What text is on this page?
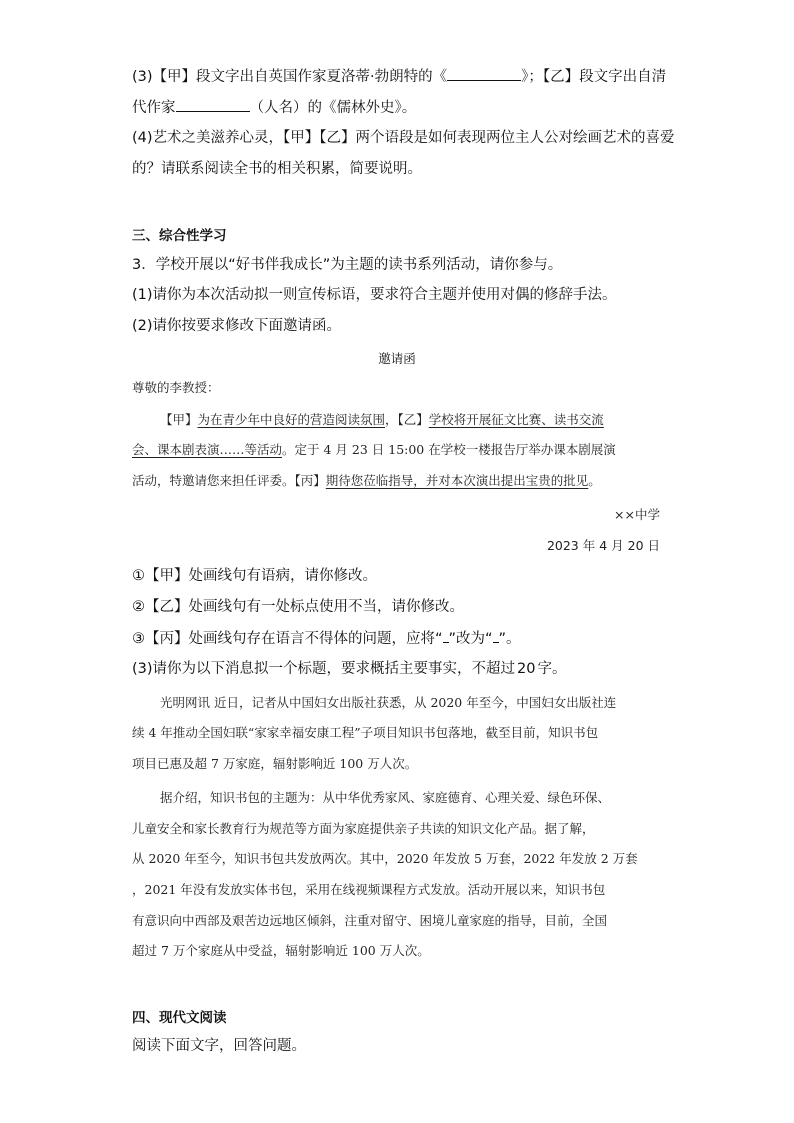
(3)【甲】段文字出自英国作家夏洛蒂·勃朗特的《	》；【乙】段文字出自清
代作家	（人名）的《儒林外史》。
(4)艺术之美滋养心灵，【甲】【乙】两个语段是如何表现两位主人公对绘画艺术的喜爱
的？请联系阅读全书的相关积累，简要说明。
三、综合性学习
3．学校开展以“好书伴我成长”为主题的读书系列活动，请你参与。
(1)请你为本次活动拟一则宣传标语，要求符合主题并使用对偶的修辞手法。
(2)请你按要求修改下面邀请函。
邀请函
尊敬的李教授：
【甲】为在青少年中良好的营造阅读氛围，【乙】学校将开展征文比赛、读书交流
会、课本剧表演……等活动。定于 4 月 23 日 15:00 在学校一楼报告厅举办课本剧展演
活动，特邀请您来担任评委。【丙】期待您莅临指导，并对本次演出提出宝贵的批见。
××中学
2023 年 4 月 20 日
①【甲】处画线句有语病，请你修改。
②【乙】处画线句有一处标点使用不当，请你修改。
③【丙】处画线句存在语言不得体的问题，应将“ ”改为“ ”。
(3)请你为以下消息拟一个标题，要求概括主要事实，不超过 20 字。
光明网讯 近日，记者从中国妇女出版社获悉，从 2020 年至今，中国妇女出版社连
续 4 年推动全国妇联“家家幸福安康工程”子项目知识书包落地，截至目前，知识书包
项目已惠及超 7 万家庭，辐射影响近 100 万人次。
据介绍，知识书包的主题为：从中华优秀家风、家庭德育、心理关爱、绿色环保、
儿童安全和家长教育行为规范等方面为家庭提供亲子共读的知识文化产品。据了解，
从 2020 年至今，知识书包共发放两次。其中，2020 年发放 5 万套，2022 年发放 2 万套
，2021 年没有发放实体书包，采用在线视频课程方式发放。活动开展以来，知识书包
有意识向中西部及艰苦边远地区倾斜，注重对留守、困境儿童家庭的指导，目前，全国
超过 7 万个家庭从中受益，辐射影响近 100 万人次。
四、现代文阅读
阅读下面文字，回答问题。
